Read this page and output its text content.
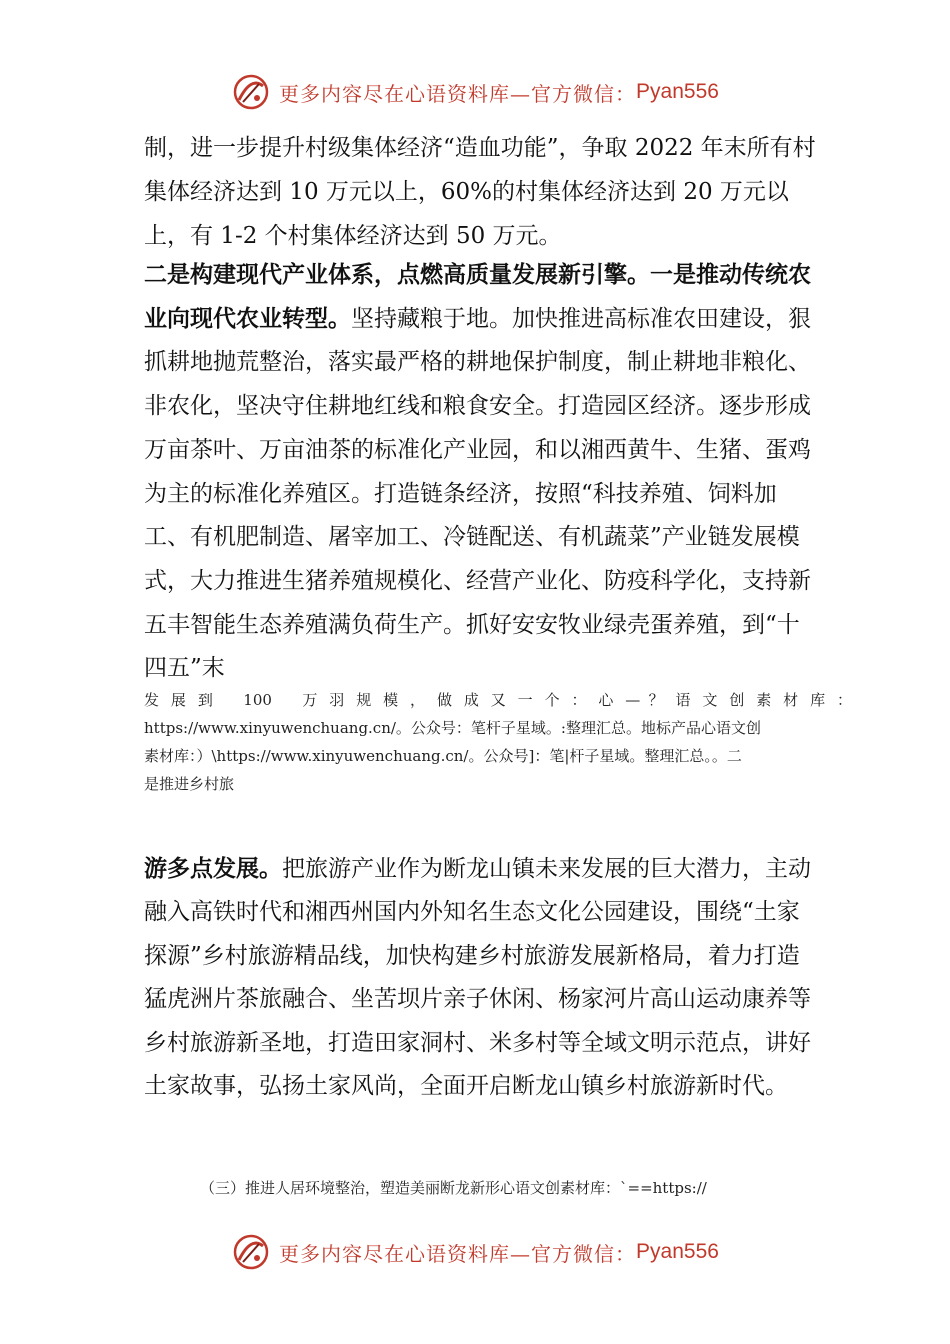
更多内容尽在心语资料库—官方微信： Pyan556

制，进一步提升村级集体经济“造血功能”，争取 2022 年末所有村集体经济达到 10 万元以上，60%的村集体经济达到 20 万元以上，有 1-2 个村集体经济达到 50 万元。

二是构建现代产业体系，点燃高质量发展新引擎。一是推动传统农业向现代农业转型。坚持藏粮于地。加快推进高标准农田建设，狠抓耕地抛荒整治，落实最严格的耕地保护制度，制止耕地非粮化、非农化，坚决守住耕地红线和粮食安全。打造园区经济。逐步形成万亩茶叶、万亩油茶的标准化产业园，和以湘西黄牛、生猪、蛋鸡为主的标准化养殖区。打造链条经济，按照“科技养殖、饲料加工、有机肥制造、屠宰加工、冷链配送、有机蔬菜”产业链发展模式，大力推进生猪养殖规模化、经营产业化、防疫科学化，支持新五丰智能生态养殖满负荷生产。抓好安安牧业绿壳蛋养殖，到“十四五”末

发 展 到　 100　 万 羽 规 模 ， 做 成 又 一 个 ： 心 — ？ 语 文 创 素 材 库 ：
https://www.xinyuwenchuang.cn/。公众号：笔杆子星域。:整理汇总。地标产品心语文创
素材库：）\https://www.xinyuwenchuang.cn/。公众号]：笔|杆子星域。整理汇总。。二
是推进乡村旅

游多点发展。把旅游产业作为断龙山镇未来发展的巨大潜力，主动融入高铁时代和湘西州国内外知名生态文化公园建设，围绕“土家探源”乡村旅游精品线，加快构建乡村旅游发展新格局，着力打造猛虎洲片茶旅融合、坐苦坝片亲子休闲、杨家河片高山运动康养等乡村旅游新圣地，打造田家洞村、米多村等全域文明示范点，讲好土家故事，弘扬土家风尚，全面开启断龙山镇乡村旅游新时代。

（三）推进人居环境整治，塑造美丽断龙新形心语文创素材库：`==https://
更多内容尽在心语资料库—官方微信： Pyan556
